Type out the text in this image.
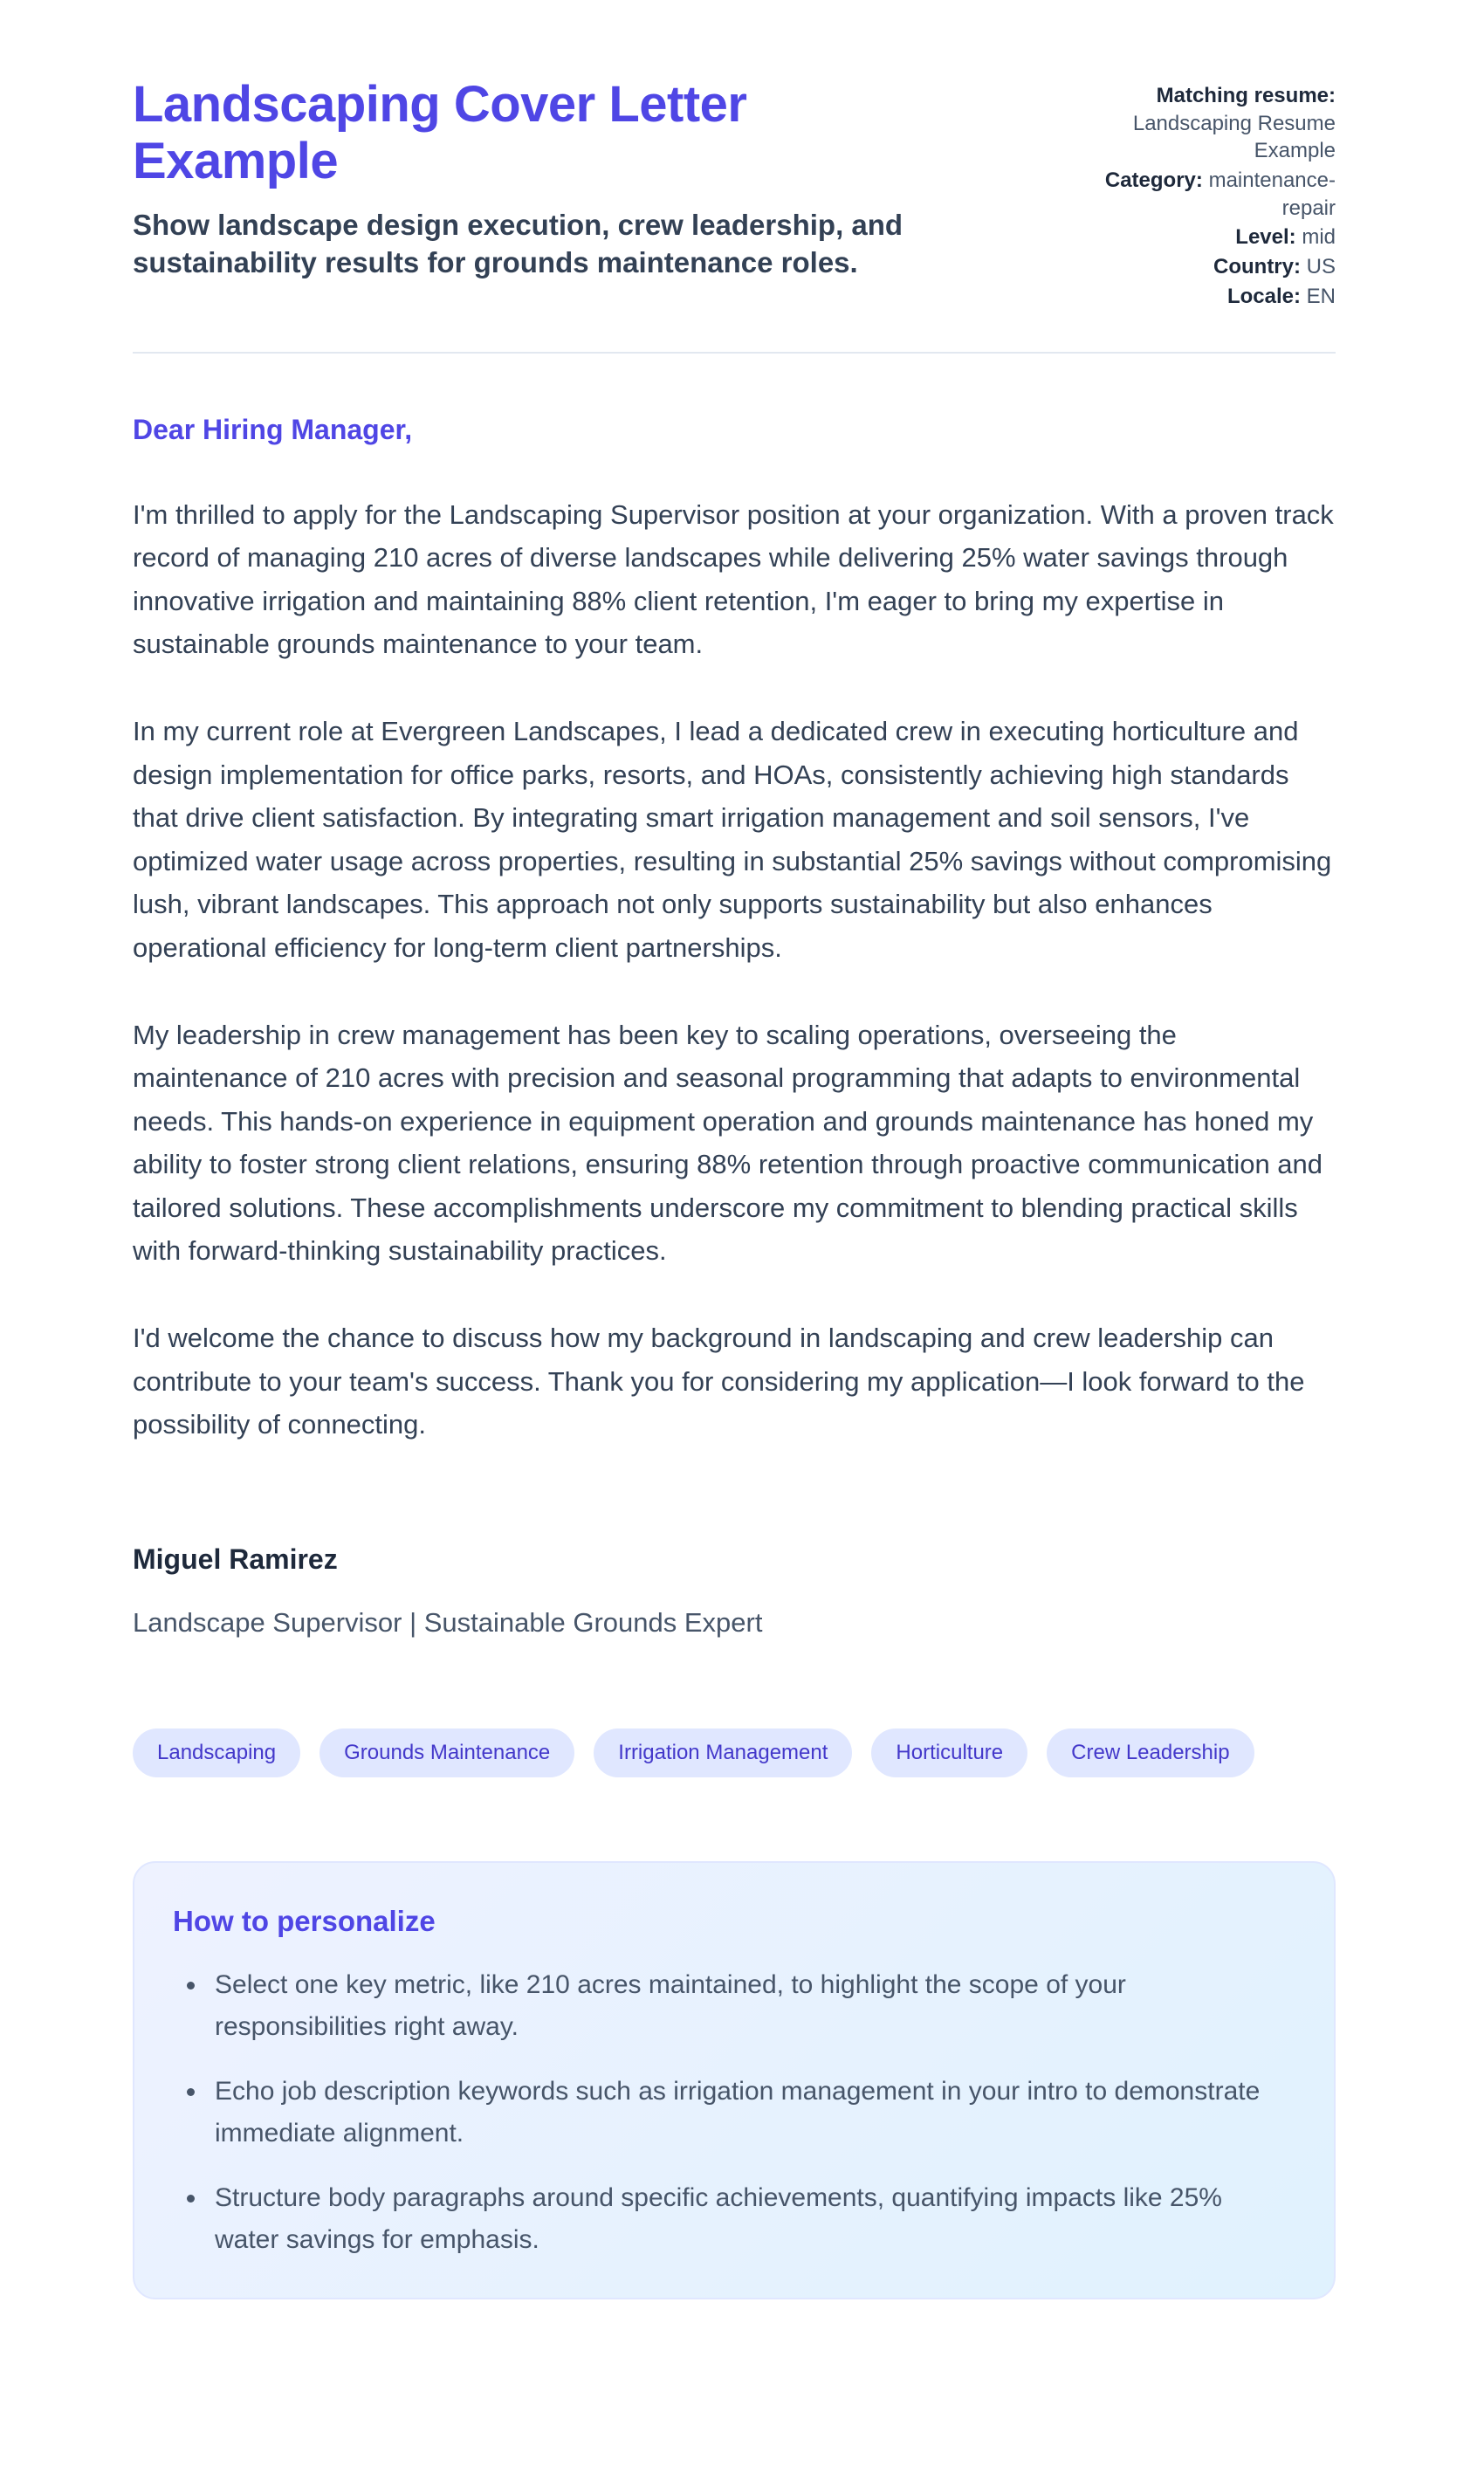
Landscaping Cover Letter Example

Show landscape design execution, crew leadership, and sustainability results for grounds maintenance roles.

Matching resume: Landscaping Resume Example
Category: maintenance-repair
Level: mid
Country: US
Locale: EN

Dear Hiring Manager,

I'm thrilled to apply for the Landscaping Supervisor position at your organization. With a proven track record of managing 210 acres of diverse landscapes while delivering 25% water savings through innovative irrigation and maintaining 88% client retention, I'm eager to bring my expertise in sustainable grounds maintenance to your team.

In my current role at Evergreen Landscapes, I lead a dedicated crew in executing horticulture and design implementation for office parks, resorts, and HOAs, consistently achieving high standards that drive client satisfaction. By integrating smart irrigation management and soil sensors, I've optimized water usage across properties, resulting in substantial 25% savings without compromising lush, vibrant landscapes. This approach not only supports sustainability but also enhances operational efficiency for long-term client partnerships.

My leadership in crew management has been key to scaling operations, overseeing the maintenance of 210 acres with precision and seasonal programming that adapts to environmental needs. This hands-on experience in equipment operation and grounds maintenance has honed my ability to foster strong client relations, ensuring 88% retention through proactive communication and tailored solutions. These accomplishments underscore my commitment to blending practical skills with forward-thinking sustainability practices.

I'd welcome the chance to discuss how my background in landscaping and crew leadership can contribute to your team's success. Thank you for considering my application—I look forward to the possibility of connecting.

Miguel Ramirez

Landscape Supervisor | Sustainable Grounds Expert

Landscaping	Grounds Maintenance	Irrigation Management	Horticulture	Crew Leadership
How to personalize
• Select one key metric, like 210 acres maintained, to highlight the scope of your responsibilities right away.
• Echo job description keywords such as irrigation management in your intro to demonstrate immediate alignment.
• Structure body paragraphs around specific achievements, quantifying impacts like 25% water savings for emphasis.
